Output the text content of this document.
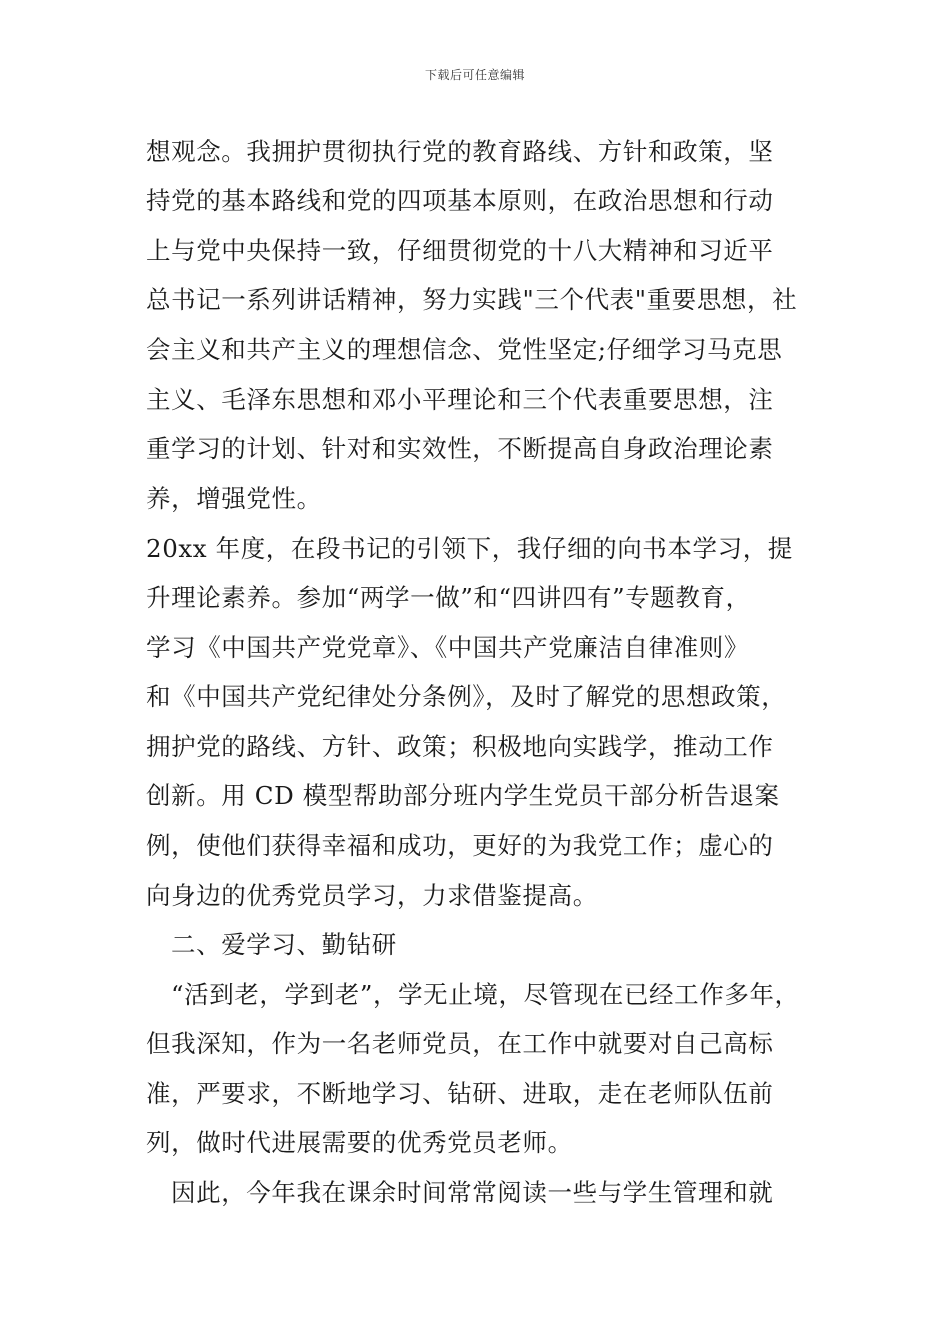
下载后可任意编辑
想观念。我拥护贯彻执行党的教育路线、方针和政策，坚
持党的基本路线和党的四项基本原则，在政治思想和行动
上与党中央保持一致，仔细贯彻党的十八大精神和习近平
总书记一系列讲话精神，努力实践"三个代表"重要思想，社
会主义和共产主义的理想信念、党性坚定;仔细学习马克思
主义、毛泽东思想和邓小平理论和三个代表重要思想，注
重学习的计划、针对和实效性，不断提高自身政治理论素
养，增强党性。
20xx 年度，在段书记的引领下，我仔细的向书本学习，提
升理论素养。参加“两学一做”和“四讲四有”专题教育，
学习《中国共产党党章》、《中国共产党廉洁自律准则》
和《中国共产党纪律处分条例》，及时了解党的思想政策，
拥护党的路线、方针、政策；积极地向实践学，推动工作
创新。用 CD 模型帮助部分班内学生党员干部分析告退案
例，使他们获得幸福和成功，更好的为我党工作；虚心的
向身边的优秀党员学习，力求借鉴提高。
二、爱学习、勤钻研
“活到老，学到老”，学无止境，尽管现在已经工作多年，
但我深知，作为一名老师党员，在工作中就要对自己高标
准，严要求，不断地学习、钻研、进取，走在老师队伍前
列，做时代进展需要的优秀党员老师。
因此，今年我在课余时间常常阅读一些与学生管理和就
